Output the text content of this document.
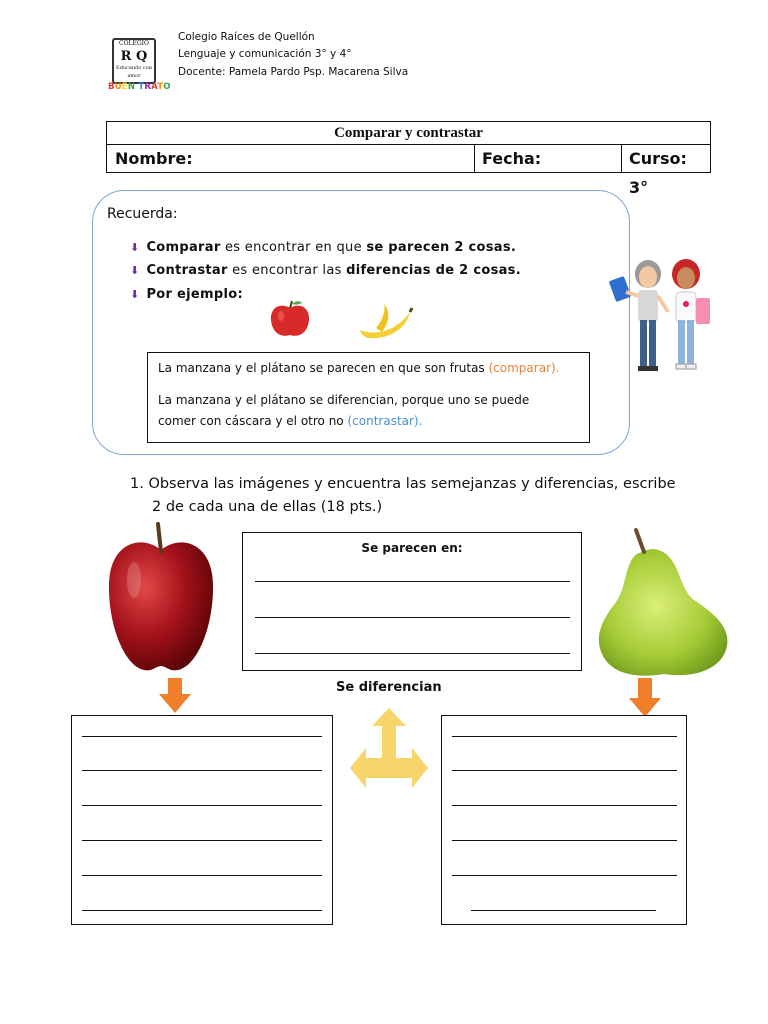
COLEGIO
R Q
Educando con amor
BUEN TRATO
Colegio Raíces de Quellón
Lenguaje y comunicación 3° y 4°
Docente: Pamela Pardo Psp. Macarena Silva
Comparar y contrastar
Nombre:	Fecha:	Curso: 3°
Recuerda:
⬇ Comparar es encontrar en que se parecen 2 cosas.
⬇ Contrastar es encontrar las diferencias de 2 cosas.
⬇ Por ejemplo:
La manzana y el plátano se parecen en que son frutas (comparar).
La manzana y el plátano se diferencian, porque uno se puede
comer con cáscara y el otro no (contrastar).
1. Observa las imágenes y encuentra las semejanzas y diferencias, escribe
2 de cada una de ellas (18 pts.)
Se parecen en:
Se diferencian
